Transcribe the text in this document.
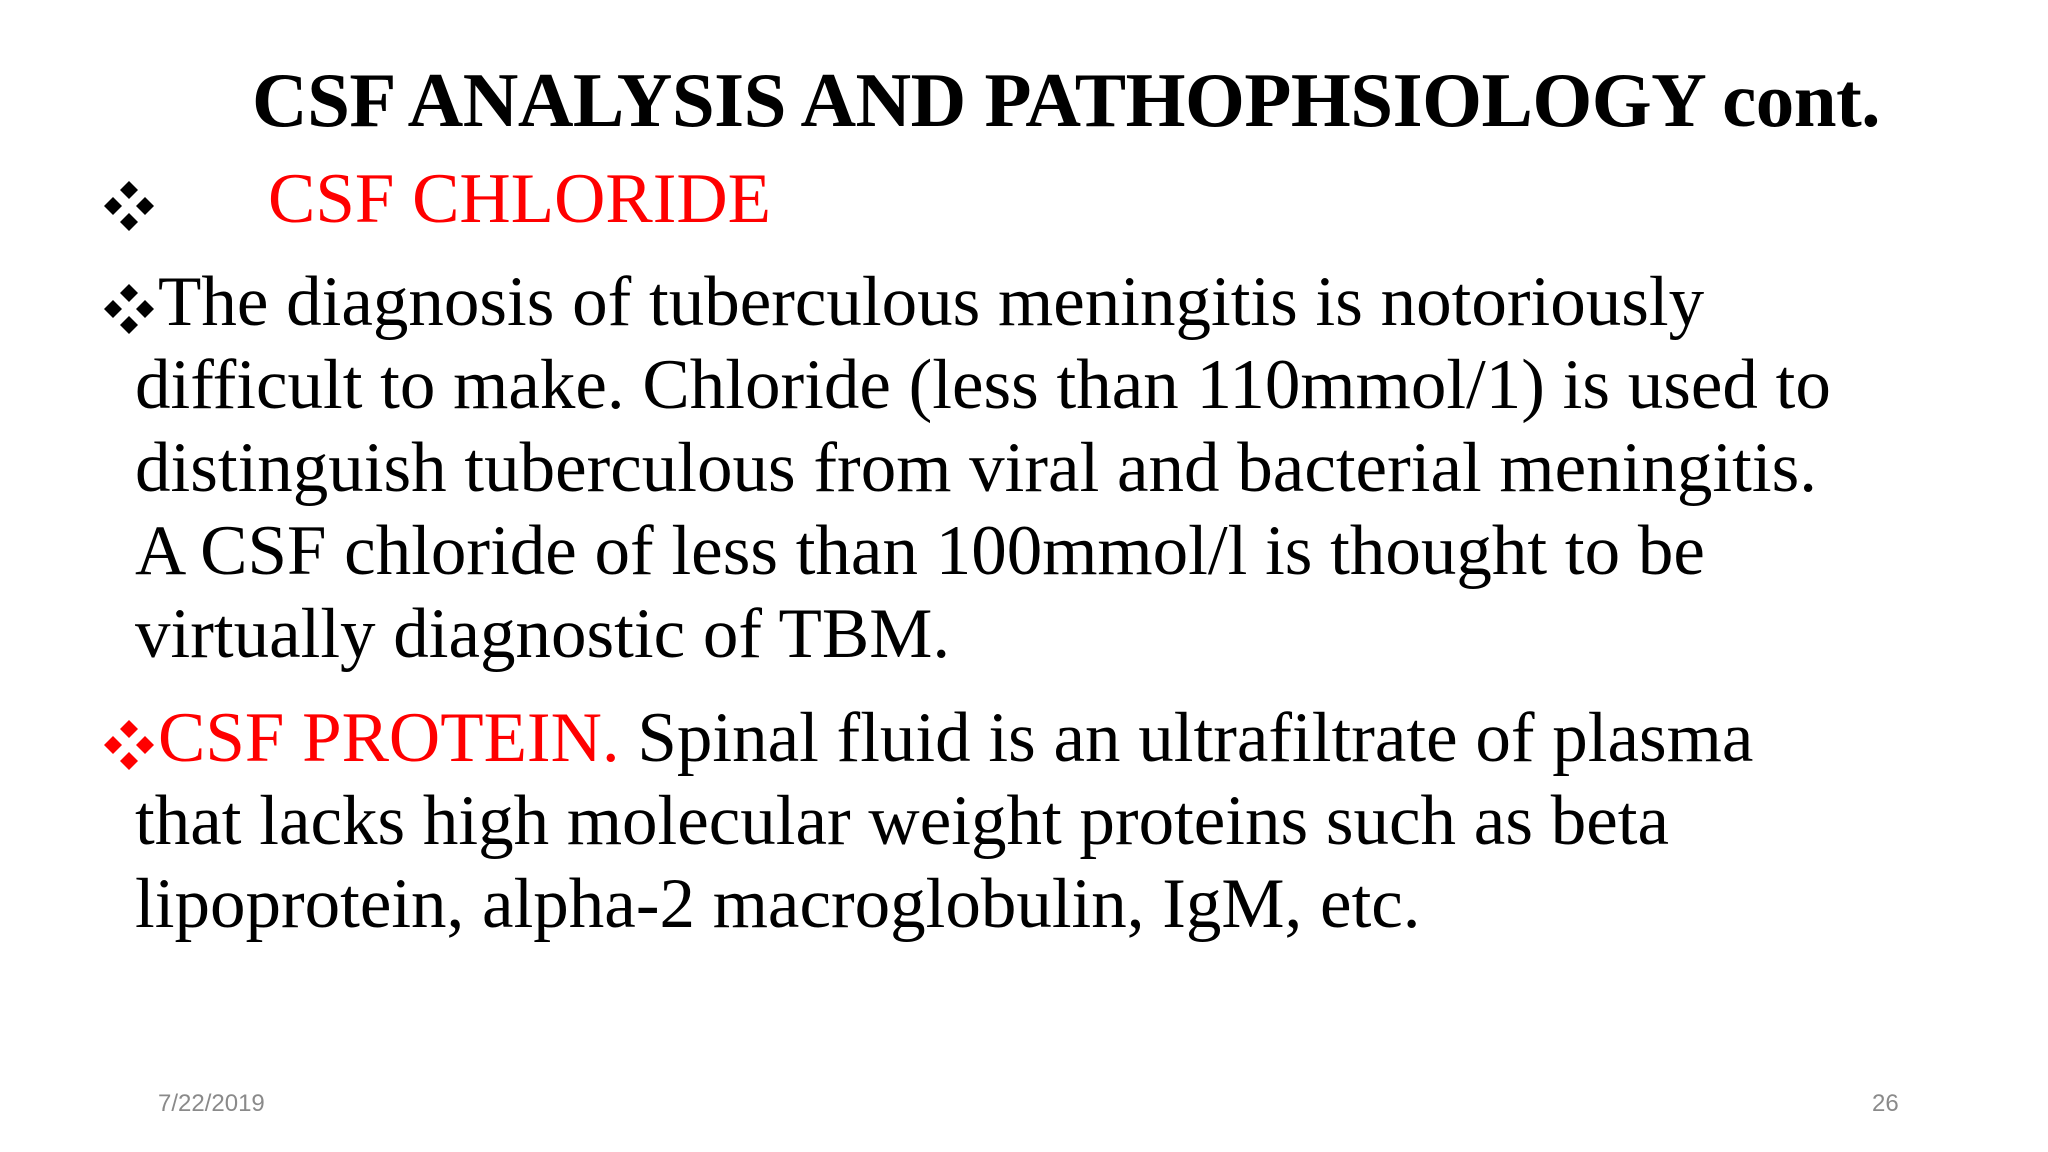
CSF ANALYSIS AND PATHOPHSIOLOGY cont.
CSF CHLORIDE
The diagnosis of tuberculous meningitis is notoriously
difficult to make. Chloride (less than 110mmol/1) is used to
distinguish tuberculous from viral and bacterial meningitis.
A CSF chloride of less than 100mmol/l is thought to be
virtually diagnostic of TBM.
CSF PROTEIN. Spinal fluid is an ultrafiltrate of plasma
that lacks high molecular weight proteins such as beta
lipoprotein, alpha-2 macroglobulin, IgM, etc.
7/22/2019	26
